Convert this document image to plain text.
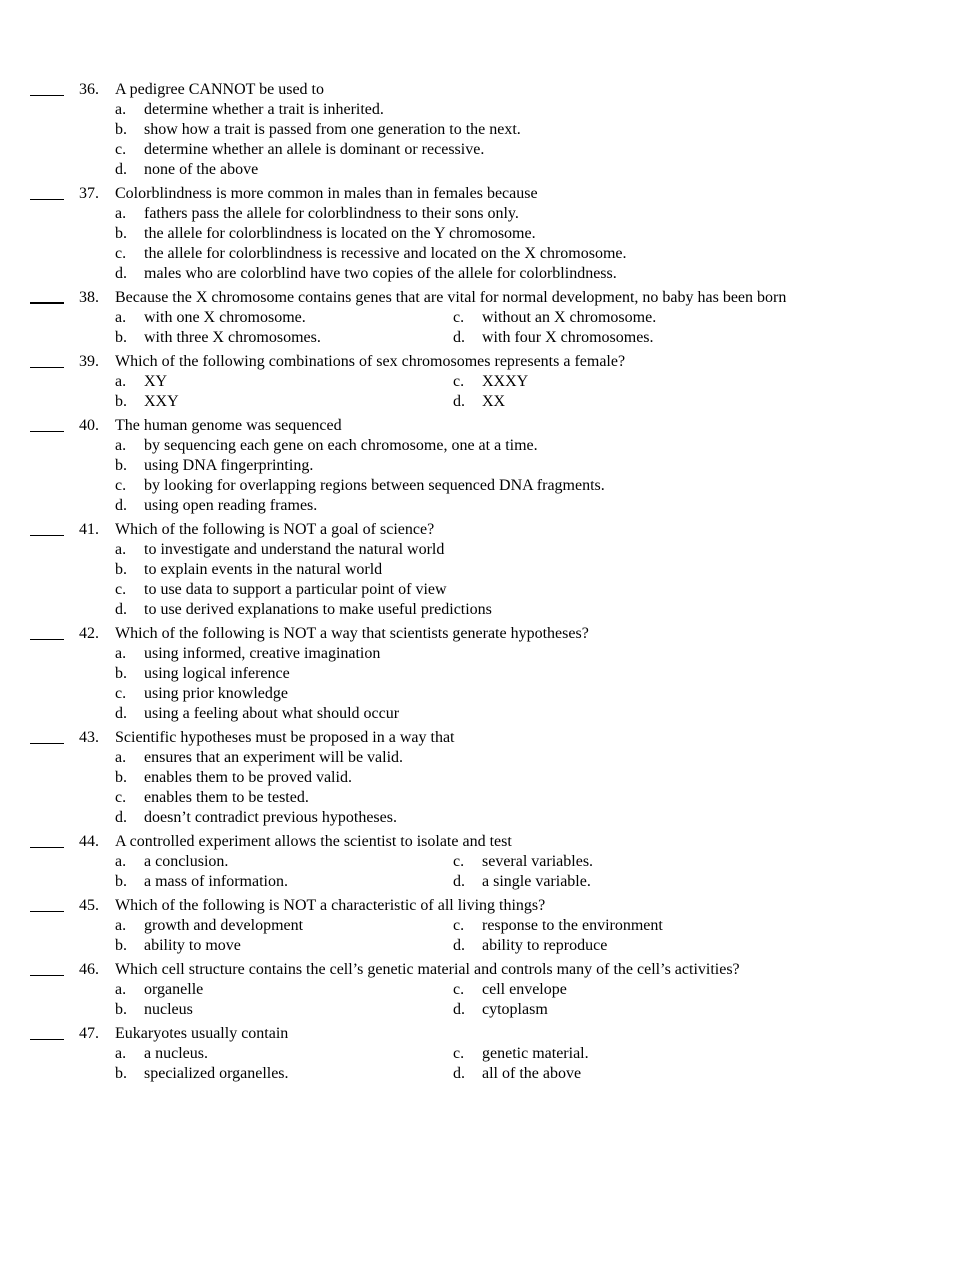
36. A pedigree CANNOT be used to
a. determine whether a trait is inherited.
b. show how a trait is passed from one generation to the next.
c. determine whether an allele is dominant or recessive.
d. none of the above
37. Colorblindness is more common in males than in females because
a. fathers pass the allele for colorblindness to their sons only.
b. the allele for colorblindness is located on the Y chromosome.
c. the allele for colorblindness is recessive and located on the X chromosome.
d. males who are colorblind have two copies of the allele for colorblindness.
38. Because the X chromosome contains genes that are vital for normal development, no baby has been born
a. with one X chromosome.	c. without an X chromosome.
b. with three X chromosomes.	d. with four X chromosomes.
39. Which of the following combinations of sex chromosomes represents a female?
a. XY	c. XXXY
b. XXY	d. XX
40. The human genome was sequenced
a. by sequencing each gene on each chromosome, one at a time.
b. using DNA fingerprinting.
c. by looking for overlapping regions between sequenced DNA fragments.
d. using open reading frames.
41. Which of the following is NOT a goal of science?
a. to investigate and understand the natural world
b. to explain events in the natural world
c. to use data to support a particular point of view
d. to use derived explanations to make useful predictions
42. Which of the following is NOT a way that scientists generate hypotheses?
a. using informed, creative imagination
b. using logical inference
c. using prior knowledge
d. using a feeling about what should occur
43. Scientific hypotheses must be proposed in a way that
a. ensures that an experiment will be valid.
b. enables them to be proved valid.
c. enables them to be tested.
d. doesn’t contradict previous hypotheses.
44. A controlled experiment allows the scientist to isolate and test
a. a conclusion.	c. several variables.
b. a mass of information.	d. a single variable.
45. Which of the following is NOT a characteristic of all living things?
a. growth and development	c. response to the environment
b. ability to move	d. ability to reproduce
46. Which cell structure contains the cell’s genetic material and controls many of the cell’s activities?
a. organelle	c. cell envelope
b. nucleus	d. cytoplasm
47. Eukaryotes usually contain
a. a nucleus.	c. genetic material.
b. specialized organelles.	d. all of the above
